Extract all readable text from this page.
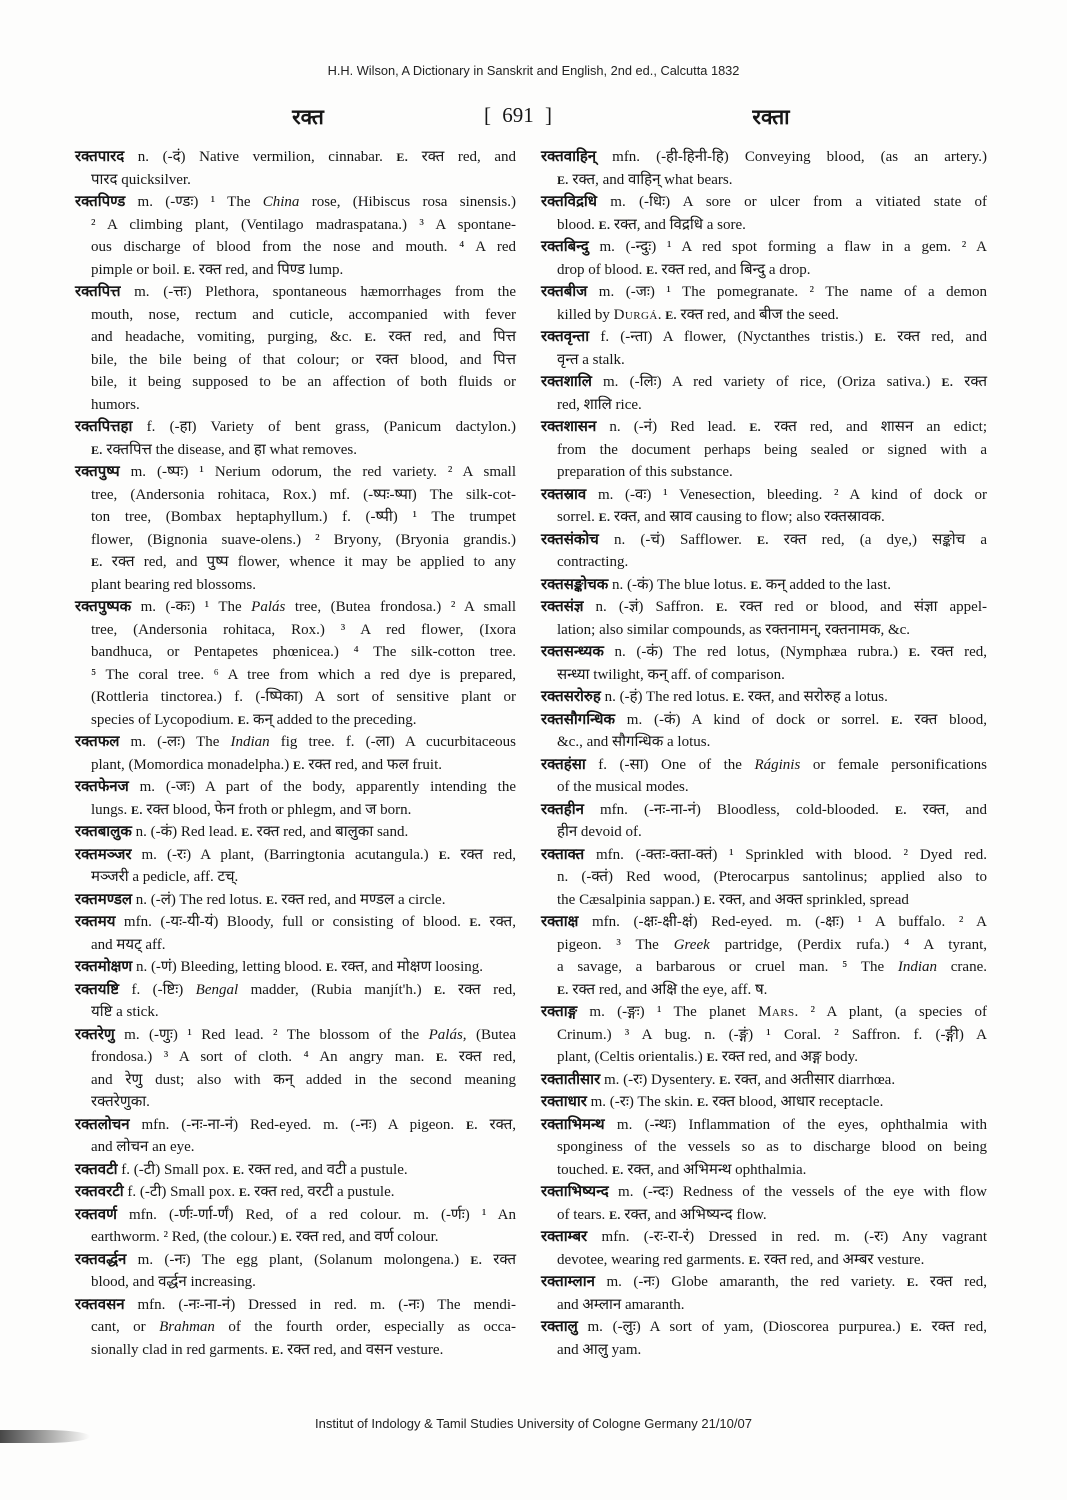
H.H. Wilson, A Dictionary in Sanskrit and English, 2nd ed., Calcutta 1832
रक्त	[ 691 ]	रक्ता
रक्तपारद n. (-दं) Native vermilion, cinnabar. E. रक्त red, and
पारद quicksilver.
रक्तपिण्ड m. (-ण्डः) ¹ The China rose, (Hibiscus rosa sinensis.)
² A climbing plant, (Ventilago madraspatana.) ³ A spontane-
ous discharge of blood from the nose and mouth. ⁴ A red
pimple or boil. E. रक्त red, and पिण्ड lump.
रक्तपित्त m. (-त्तः) Plethora, spontaneous hæmorrhages from the
mouth, nose, rectum and cuticle, accompanied with fever
and headache, vomiting, purging, &c. E. रक्त red, and पित्त
bile, the bile being of that colour; or रक्त blood, and पित्त
bile, it being supposed to be an affection of both fluids or
humors.
रक्तपित्तहा f. (-हा) Variety of bent grass, (Panicum dactylon.)
E. रक्तपित्त the disease, and हा what removes.
रक्तपुष्प m. (-ष्पः) ¹ Nerium odorum, the red variety. ² A small
tree, (Andersonia rohitaca, Rox.) mf. (-ष्पः-ष्पा) The silk-cot-
ton tree, (Bombax heptaphyllum.) f. (-ष्पी) ¹ The trumpet
flower, (Bignonia suave-olens.) ² Bryony, (Bryonia grandis.)
E. रक्त red, and पुष्प flower, whence it may be applied to any
plant bearing red blossoms.
रक्तपुष्पक m. (-कः) ¹ The Palás tree, (Butea frondosa.) ² A small
tree, (Andersonia rohitaca, Rox.) ³ A red flower, (Ixora
bandhuca, or Pentapetes phœnicea.) ⁴ The silk-cotton tree.
⁵ The coral tree. ⁶ A tree from which a red dye is prepared,
(Rottleria tinctorea.) f. (-ष्पिका) A sort of sensitive plant or
species of Lycopodium. E. कन् added to the preceding.
रक्तफल m. (-लः) The Indian fig tree. f. (-ला) A cucurbitaceous
plant, (Momordica monadelpha.) E. रक्त red, and फल fruit.
रक्तफेनज m. (-जः) A part of the body, apparently intending the
lungs. E. रक्त blood, फेन froth or phlegm, and ज born.
रक्तबालुक n. (-कं) Red lead. E. रक्त red, and बालुका sand.
रक्तमञ्जर m. (-रः) A plant, (Barringtonia acutangula.) E. रक्त red,
मञ्जरी a pedicle, aff. टच्.
रक्तमण्डल n. (-लं) The red lotus. E. रक्त red, and मण्डल a circle.
रक्तमय mfn. (-यः-यी-यं) Bloody, full or consisting of blood. E. रक्त,
and मयट् aff.
रक्तमोक्षण n. (-णं) Bleeding, letting blood. E. रक्त, and मोक्षण loosing.
रक्तयष्टि f. (-ष्टिः) Bengal madder, (Rubia manjít'h.) E. रक्त red,
यष्टि a stick.
रक्तरेणु m. (-णुः) ¹ Red lead. ² The blossom of the Palás, (Butea
frondosa.) ³ A sort of cloth. ⁴ An angry man. E. रक्त red,
and रेणु dust; also with कन् added in the second meaning
रक्तरेणुका.
रक्तलोचन mfn. (-नः-ना-नं) Red-eyed. m. (-नः) A pigeon. E. रक्त,
and लोचन an eye.
रक्तवटी f. (-टी) Small pox. E. रक्त red, and वटी a pustule.
रक्तवरटी f. (-टी) Small pox. E. रक्त red, वरटी a pustule.
रक्तवर्ण mfn. (-र्णः-र्णा-र्णं) Red, of a red colour. m. (-र्णः) ¹ An
earthworm. ² Red, (the colour.) E. रक्त red, and वर्ण colour.
रक्तवर्द्धन m. (-नः) The egg plant, (Solanum molongena.) E. रक्त
blood, and वर्द्धन increasing.
रक्तवसन mfn. (-नः-ना-नं) Dressed in red. m. (-नः) The mendi-
cant, or Brahman of the fourth order, especially as occa-
sionally clad in red garments. E. रक्त red, and वसन vesture.
रक्तवाहिन् mfn. (-ही-हिनी-हि) Conveying blood, (as an artery.)
E. रक्त, and वाहिन् what bears.
रक्तविद्रधि m. (-धिः) A sore or ulcer from a vitiated state of
blood. E. रक्त, and विद्रधि a sore.
रक्तबिन्दु m. (-न्दुः) ¹ A red spot forming a flaw in a gem. ² A
drop of blood. E. रक्त red, and बिन्दु a drop.
रक्तबीज m. (-जः) ¹ The pomegranate. ² The name of a demon
killed by Durgá. E. रक्त red, and बीज the seed.
रक्तवृन्ता f. (-न्ता) A flower, (Nyctanthes tristis.) E. रक्त red, and
वृन्त a stalk.
रक्तशालि m. (-लिः) A red variety of rice, (Oriza sativa.) E. रक्त
red, शालि rice.
रक्तशासन n. (-नं) Red lead. E. रक्त red, and शासन an edict;
from the document perhaps being sealed or signed with a
preparation of this substance.
रक्तस्राव m. (-वः) ¹ Venesection, bleeding. ² A kind of dock or
sorrel. E. रक्त, and स्राव causing to flow; also रक्तस्रावक.
रक्तसंकोच n. (-चं) Safflower. E. रक्त red, (a dye,) सङ्कोच a
contracting.
रक्तसङ्कोचक n. (-कं) The blue lotus. E. कन् added to the last.
रक्तसंज्ञ n. (-ज्ञं) Saffron. E. रक्त red or blood, and संज्ञा appel-
lation; also similar compounds, as रक्तनामन्, रक्तनामक, &c.
रक्तसन्ध्यक n. (-कं) The red lotus, (Nymphæa rubra.) E. रक्त red,
सन्ध्या twilight, कन् aff. of comparison.
रक्तसरोरुह n. (-हं) The red lotus. E. रक्त, and सरोरुह a lotus.
रक्तसौगन्धिक m. (-कं) A kind of dock or sorrel. E. रक्त blood,
&c., and सौगन्धिक a lotus.
रक्तहंसा f. (-सा) One of the Ráginis or female personifications
of the musical modes.
रक्तहीन mfn. (-नः-ना-नं) Bloodless, cold-blooded. E. रक्त, and
हीन devoid of.
रक्ताक्त mfn. (-क्तः-क्ता-क्तं) ¹ Sprinkled with blood. ² Dyed red.
n. (-क्तं) Red wood, (Pterocarpus santolinus; applied also to
the Cæsalpinia sappan.) E. रक्त, and अक्त sprinkled, spread
रक्ताक्ष mfn. (-क्षः-क्षी-क्षं) Red-eyed. m. (-क्षः) ¹ A buffalo. ² A
pigeon. ³ The Greek partridge, (Perdix rufa.) ⁴ A tyrant,
a savage, a barbarous or cruel man. ⁵ The Indian crane.
E. रक्त red, and अक्षि the eye, aff. ष.
रक्ताङ्ग m. (-ङ्गः) ¹ The planet Mars. ² A plant, (a species of
Crinum.) ³ A bug. n. (-ङ्गं) ¹ Coral. ² Saffron. f. (-ङ्गी) A
plant, (Celtis orientalis.) E. रक्त red, and अङ्ग body.
रक्तातीसार m. (-रः) Dysentery. E. रक्त, and अतीसार diarrhœa.
रक्ताधार m. (-रः) The skin. E. रक्त blood, आधार receptacle.
रक्ताभिमन्थ m. (-न्थः) Inflammation of the eyes, ophthalmia with
sponginess of the vessels so as to discharge blood on being
touched. E. रक्त, and अभिमन्थ ophthalmia.
रक्ताभिष्यन्द m. (-न्दः) Redness of the vessels of the eye with flow
of tears. E. रक्त, and अभिष्यन्द flow.
रक्ताम्बर mfn. (-रः-रा-रं) Dressed in red. m. (-रः) Any vagrant
devotee, wearing red garments. E. रक्त red, and अम्बर vesture.
रक्ताम्लान m. (-नः) Globe amaranth, the red variety. E. रक्त red,
and अम्लान amaranth.
रक्तालु m. (-लुः) A sort of yam, (Dioscorea purpurea.) E. रक्त red,
and आलु yam.
Institut of Indology & Tamil Studies University of Cologne Germany 21/10/07
